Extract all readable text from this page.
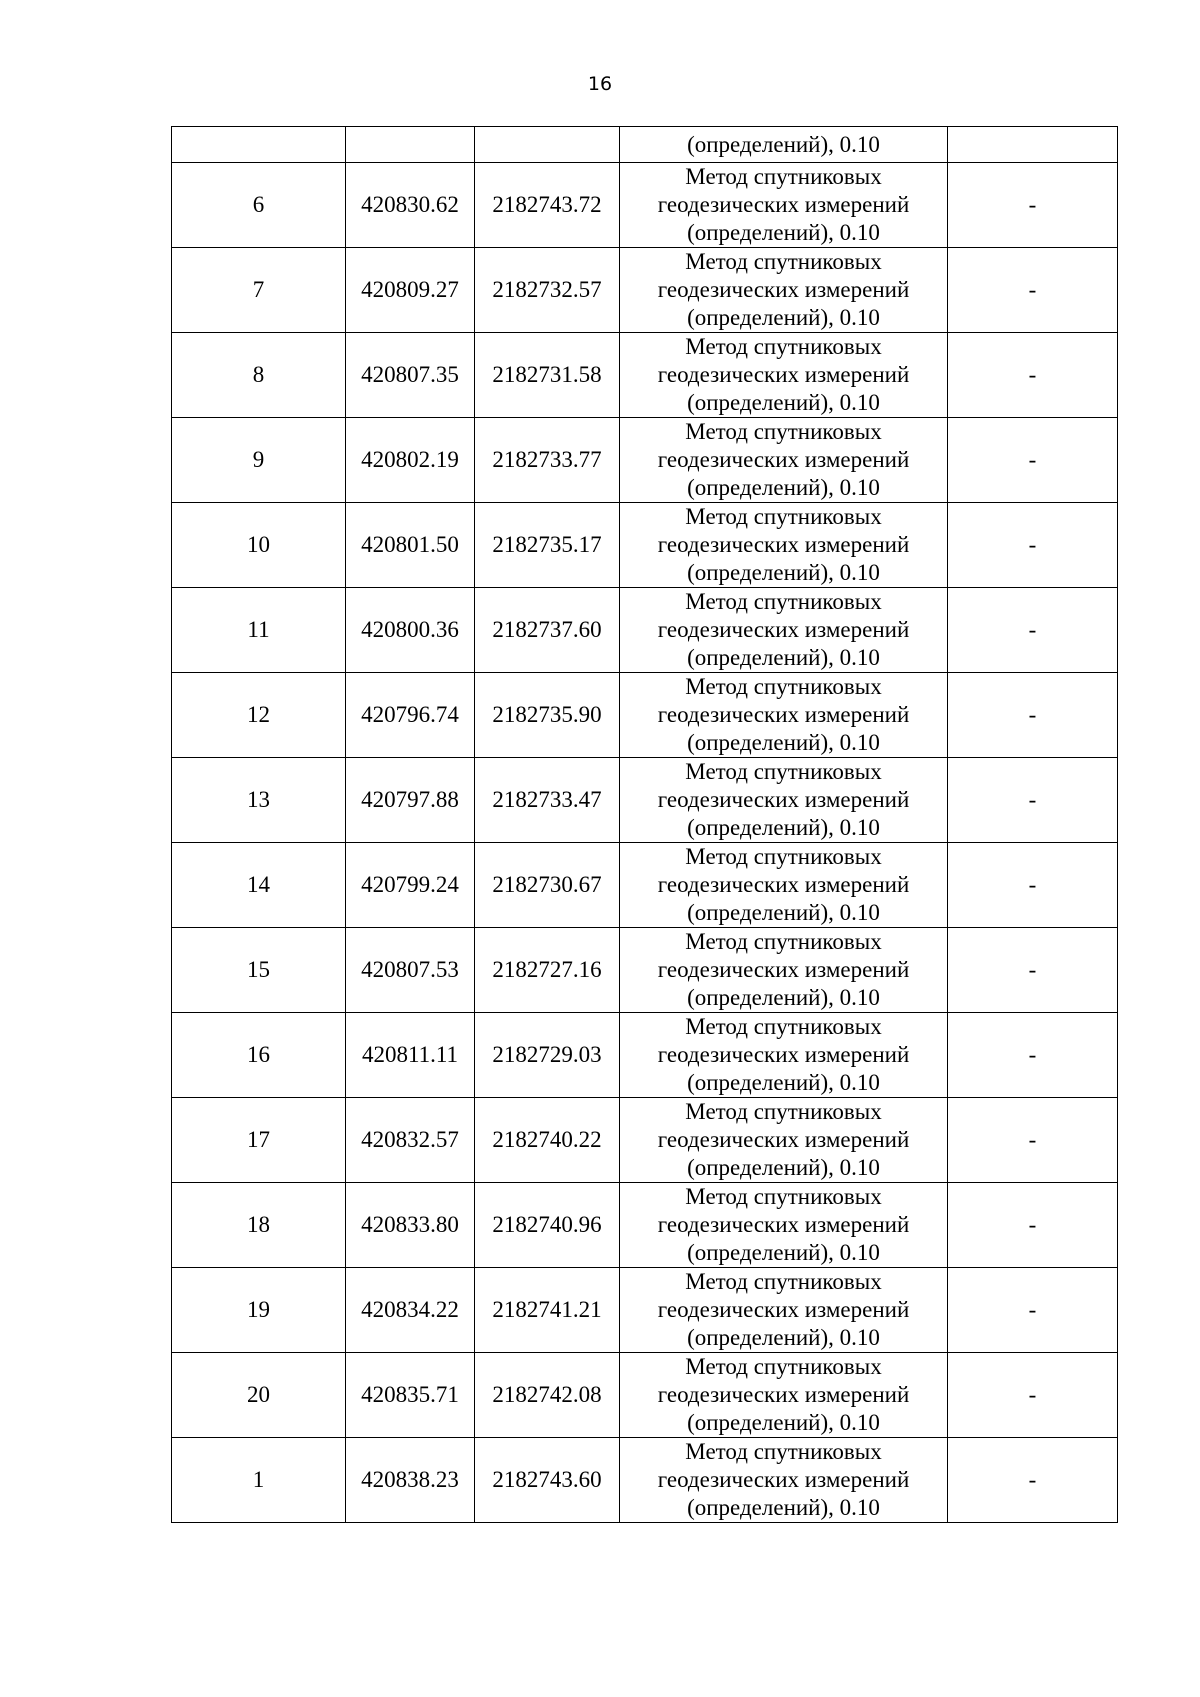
16
			(определений), 0.10	
6	420830.62	2182743.72	Метод спутниковых
геодезических измерений
(определений), 0.10	-
7	420809.27	2182732.57	Метод спутниковых
геодезических измерений
(определений), 0.10	-
8	420807.35	2182731.58	Метод спутниковых
геодезических измерений
(определений), 0.10	-
9	420802.19	2182733.77	Метод спутниковых
геодезических измерений
(определений), 0.10	-
10	420801.50	2182735.17	Метод спутниковых
геодезических измерений
(определений), 0.10	-
11	420800.36	2182737.60	Метод спутниковых
геодезических измерений
(определений), 0.10	-
12	420796.74	2182735.90	Метод спутниковых
геодезических измерений
(определений), 0.10	-
13	420797.88	2182733.47	Метод спутниковых
геодезических измерений
(определений), 0.10	-
14	420799.24	2182730.67	Метод спутниковых
геодезических измерений
(определений), 0.10	-
15	420807.53	2182727.16	Метод спутниковых
геодезических измерений
(определений), 0.10	-
16	420811.11	2182729.03	Метод спутниковых
геодезических измерений
(определений), 0.10	-
17	420832.57	2182740.22	Метод спутниковых
геодезических измерений
(определений), 0.10	-
18	420833.80	2182740.96	Метод спутниковых
геодезических измерений
(определений), 0.10	-
19	420834.22	2182741.21	Метод спутниковых
геодезических измерений
(определений), 0.10	-
20	420835.71	2182742.08	Метод спутниковых
геодезических измерений
(определений), 0.10	-
1	420838.23	2182743.60	Метод спутниковых
геодезических измерений
(определений), 0.10	-
